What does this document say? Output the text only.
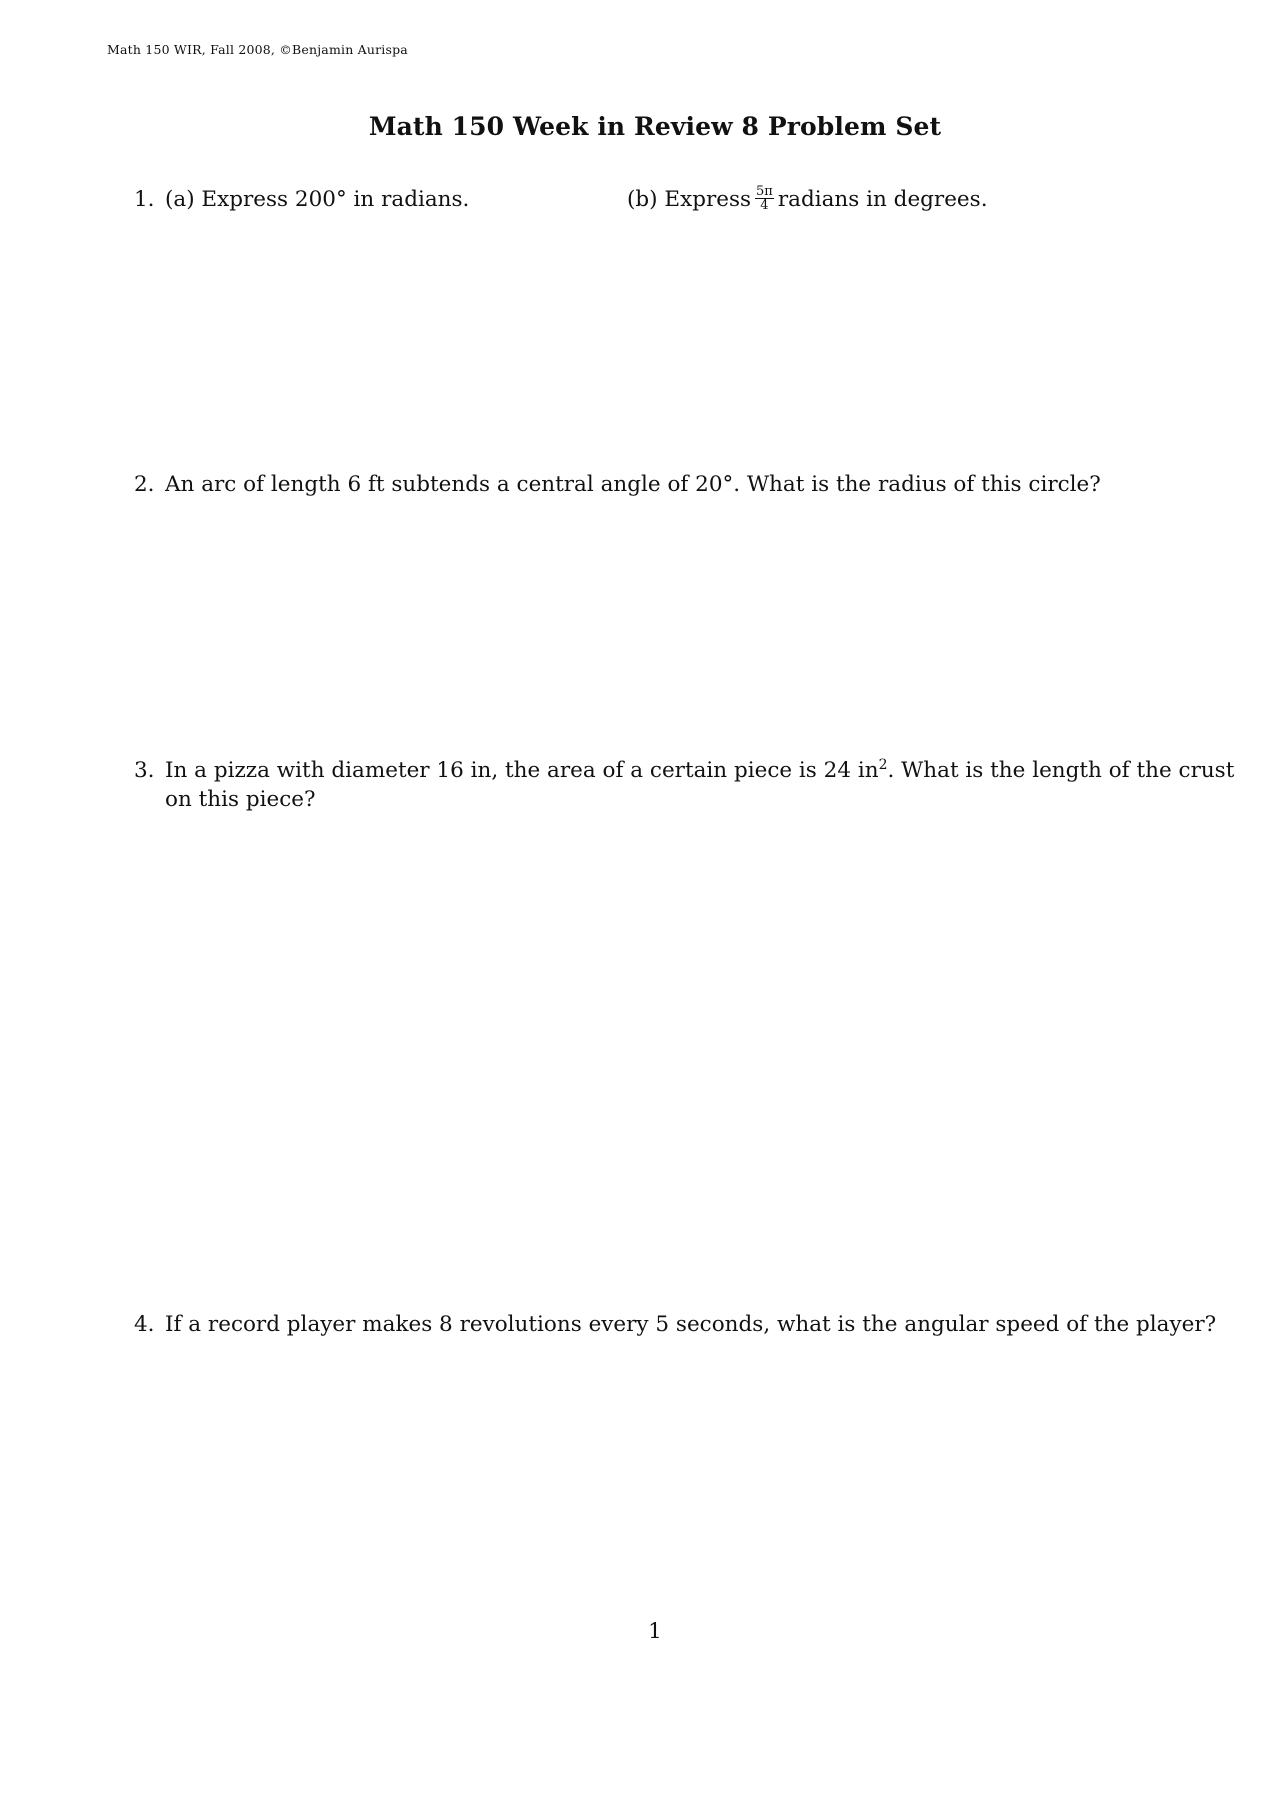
Math 150 WIR, Fall 2008, ©Benjamin Aurispa
Math 150 Week in Review 8 Problem Set
1. (a) Express 200° in radians.	(b) Express $\frac{5\pi}{4}$ radians in degrees.
2. An arc of length 6 ft subtends a central angle of 20°. What is the radius of this circle?
3. In a pizza with diameter 16 in, the area of a certain piece is 24 $in^2$. What is the length of the crust
on this piece?
4. If a record player makes 8 revolutions every 5 seconds, what is the angular speed of the player?
1
